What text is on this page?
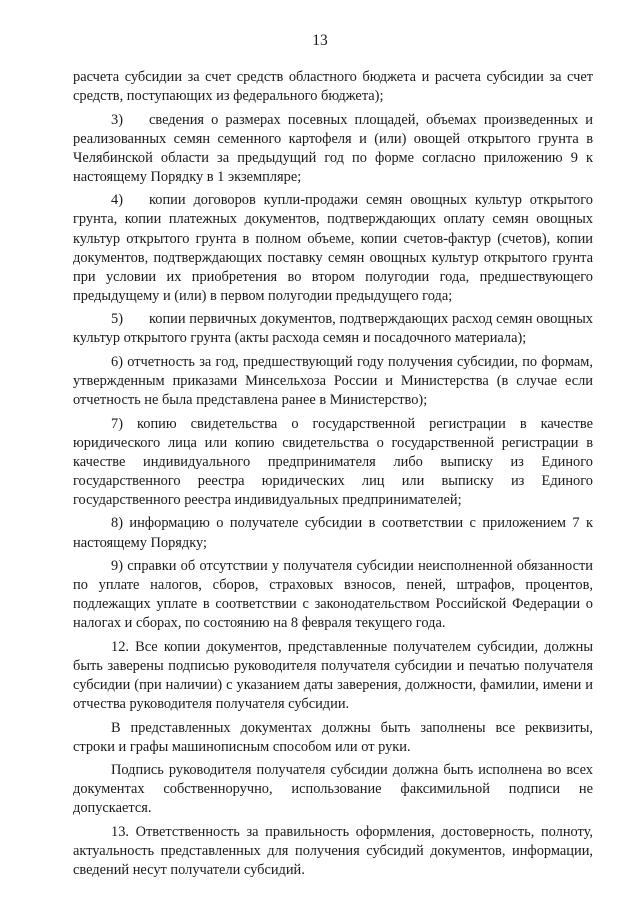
13

расчета субсидии за счет средств областного бюджета и расчета субсидии за счет средств, поступающих из федерального бюджета);

3) сведения о размерах посевных площадей, объемах произведенных и реализованных семян семенного картофеля и (или) овощей открытого грунта в Челябинской области за предыдущий год по форме согласно приложению 9 к настоящему Порядку в 1 экземпляре;

4) копии договоров купли-продажи семян овощных культур открытого грунта, копии платежных документов, подтверждающих оплату семян овощных культур открытого грунта в полном объеме, копии счетов-фактур (счетов), копии документов, подтверждающих поставку семян овощных культур открытого грунта при условии их приобретения во втором полугодии года, предшествующего предыдущему и (или) в первом полугодии предыдущего года;

5) копии первичных документов, подтверждающих расход семян овощных культур открытого грунта (акты расхода семян и посадочного материала);

6) отчетность за год, предшествующий году получения субсидии, по формам, утвержденным приказами Минсельхоза России и Министерства (в случае если отчетность не была представлена ранее в Министерство);

7) копию свидетельства о государственной регистрации в качестве юридического лица или копию свидетельства о государственной регистрации в качестве индивидуального предпринимателя либо выписку из Единого государственного реестра юридических лиц или выписку из Единого государственного реестра индивидуальных предпринимателей;

8) информацию о получателе субсидии в соответствии с приложением 7 к настоящему Порядку;

9) справки об отсутствии у получателя субсидии неисполненной обязанности по уплате налогов, сборов, страховых взносов, пеней, штрафов, процентов, подлежащих уплате в соответствии с законодательством Российской Федерации о налогах и сборах, по состоянию на 8 февраля текущего года.

12. Все копии документов, представленные получателем субсидии, должны быть заверены подписью руководителя получателя субсидии и печатью получателя субсидии (при наличии) с указанием даты заверения, должности, фамилии, имени и отчества руководителя получателя субсидии.

В представленных документах должны быть заполнены все реквизиты, строки и графы машинописным способом или от руки.

Подпись руководителя получателя субсидии должна быть исполнена во всех документах собственноручно, использование факсимильной подписи не допускается.

13. Ответственность за правильность оформления, достоверность, полноту, актуальность представленных для получения субсидий документов, информации, сведений несут получатели субсидий.
